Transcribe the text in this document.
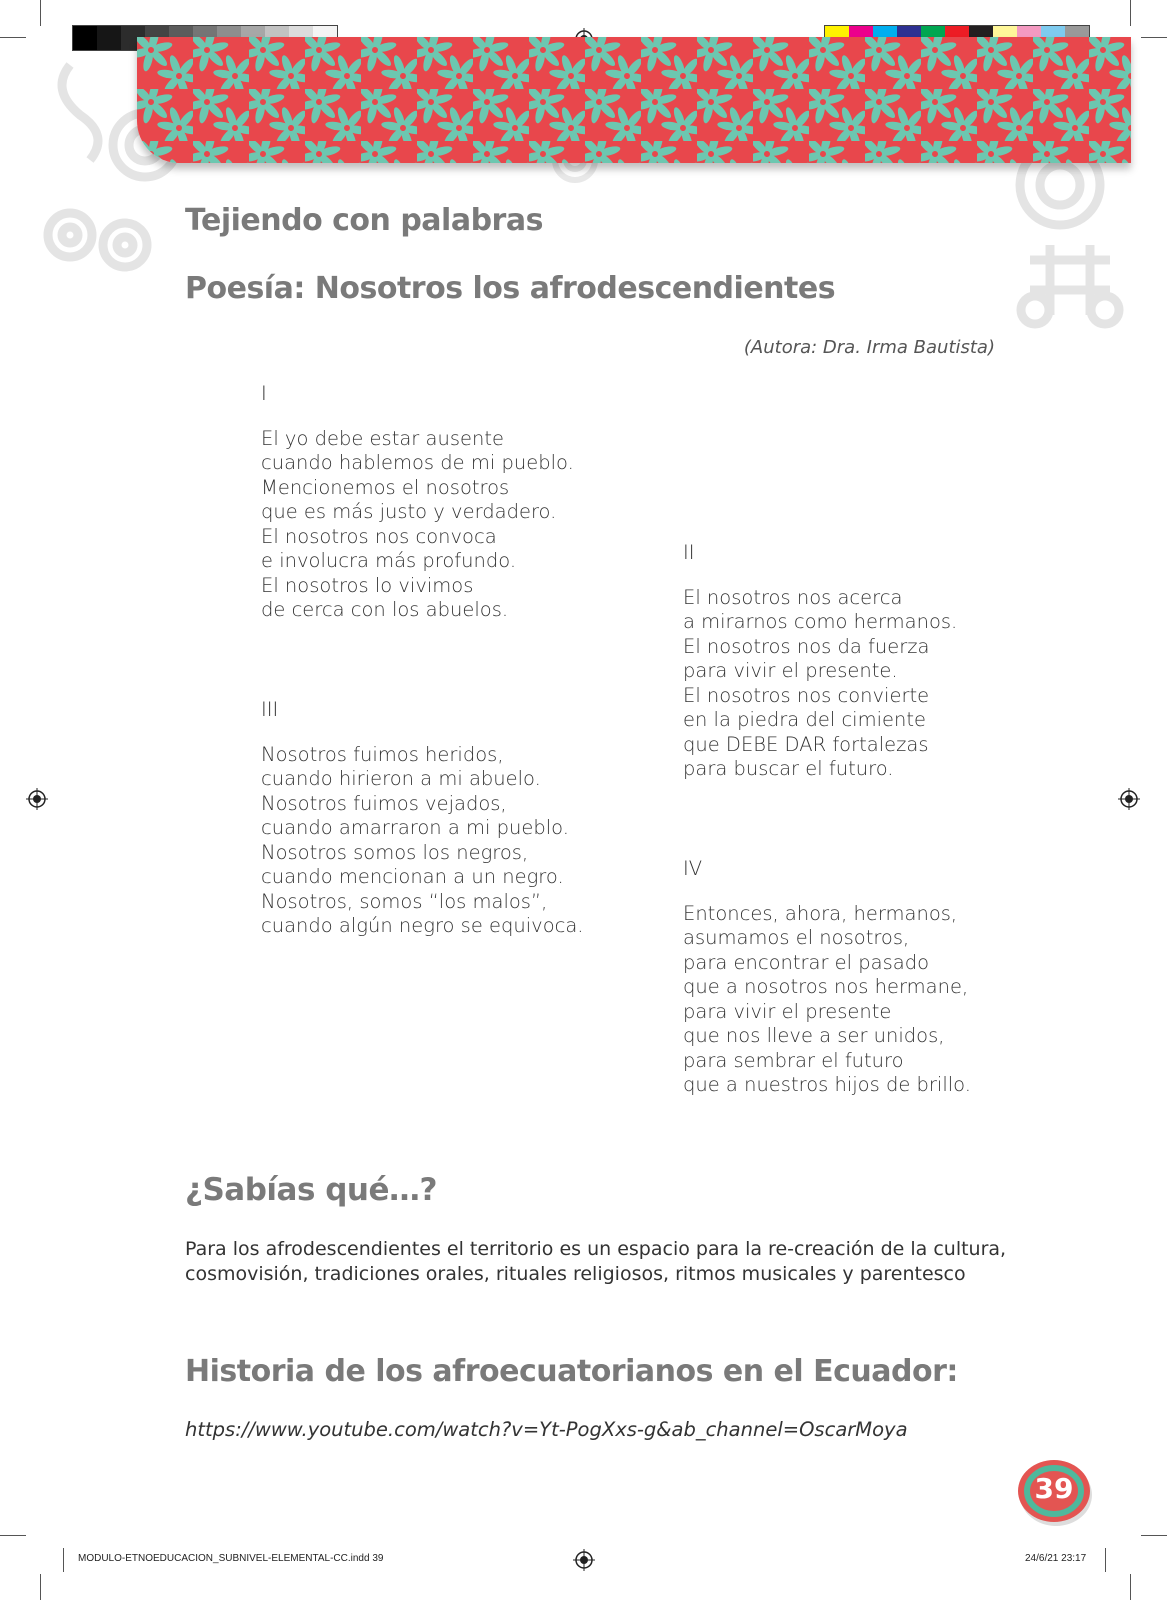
Tejiendo con palabras
Poesía: Nosotros los afrodescendientes
(Autora: Dra. Irma Bautista)
I
El yo debe estar ausente
cuando hablemos de mi pueblo.
Mencionemos el nosotros
que es más justo y verdadero.
El nosotros nos convoca
e involucra más profundo.
El nosotros lo vivimos
de cerca con los abuelos.
II
El nosotros nos acerca
a mirarnos como hermanos.
El nosotros nos da fuerza
para vivir el presente.
El nosotros nos convierte
en la piedra del cimiente
que DEBE DAR fortalezas
para buscar el futuro.
III
Nosotros fuimos heridos,
cuando hirieron a mi abuelo.
Nosotros fuimos vejados,
cuando amarraron a mi pueblo.
Nosotros somos los negros,
cuando mencionan a un negro.
Nosotros, somos “los malos”,
cuando algún negro se equivoca.
IV
Entonces, ahora, hermanos,
asumamos el nosotros,
para encontrar el pasado
que a nosotros nos hermane,
para vivir el presente
que nos lleve a ser unidos,
para sembrar el futuro
que a nuestros hijos de brillo.
¿Sabías qué…?
Para los afrodescendientes el territorio es un espacio para la re-creación de la cultura,
cosmovisión, tradiciones orales, rituales religiosos, ritmos musicales y parentesco
Historia de los afroecuatorianos en el Ecuador:
https://www.youtube.com/watch?v=Yt-PogXxs-g&ab_channel=OscarMoya
39
MODULO-ETNOEDUCACION_SUBNIVEL-ELEMENTAL-CC.indd 39	24/6/21 23:17
